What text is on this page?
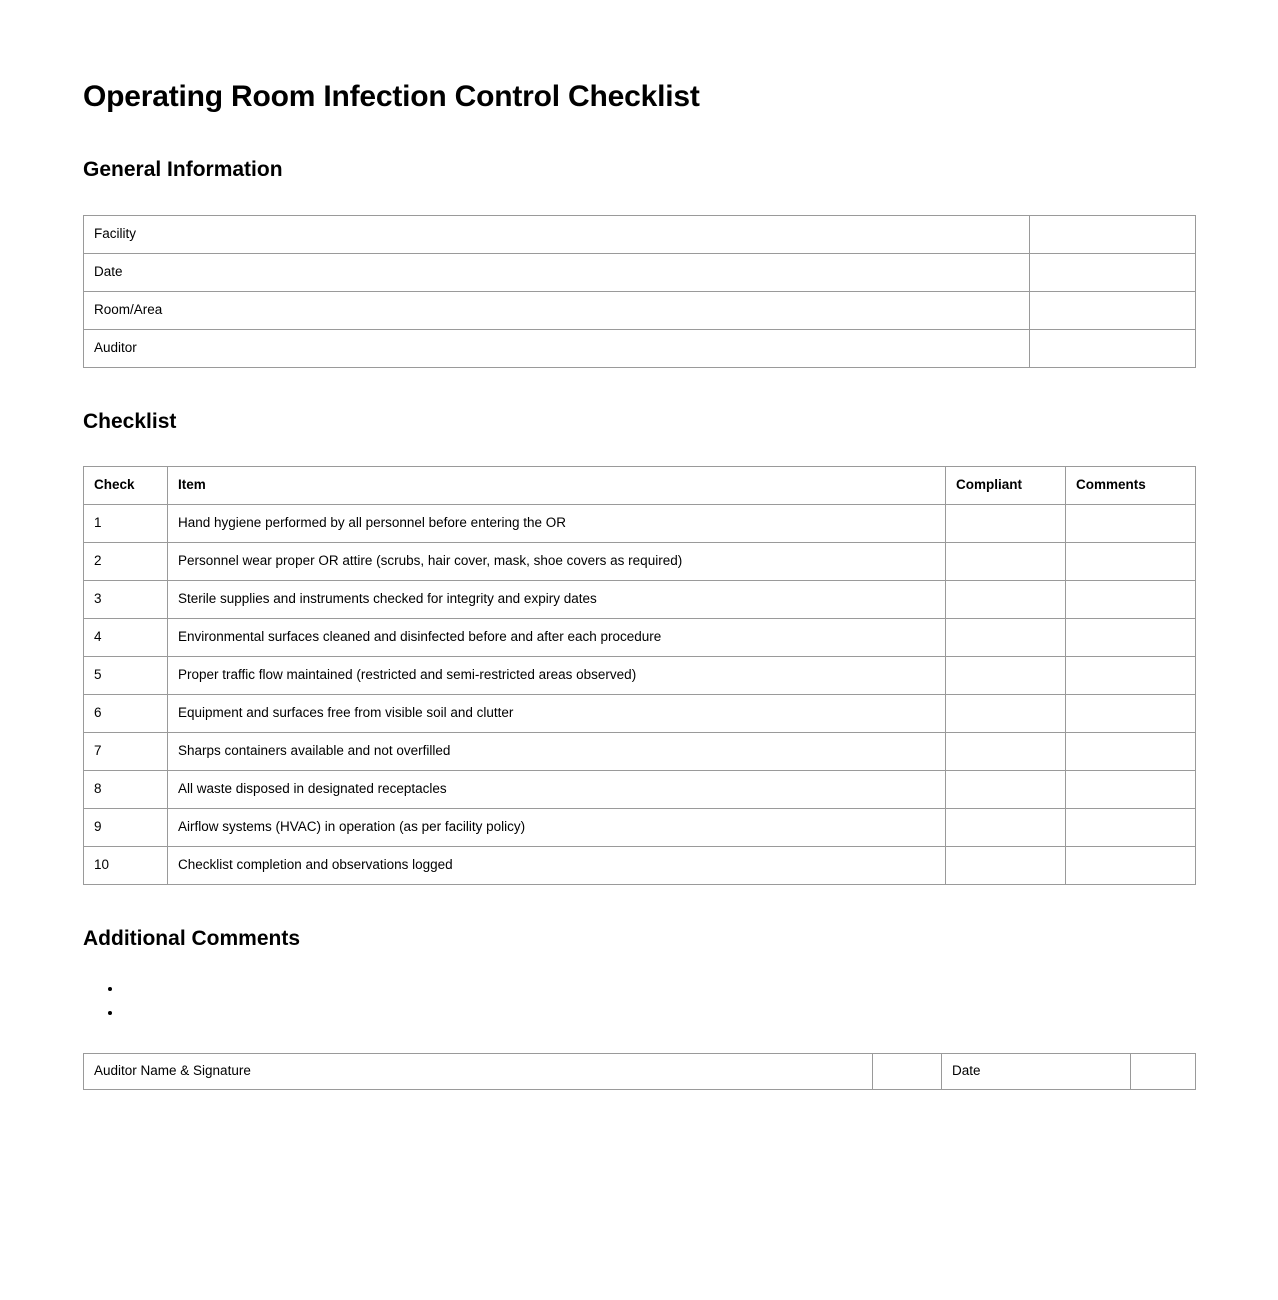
Operating Room Infection Control Checklist
General Information
Facility	
Date	
Room/Area	
Auditor	
Checklist
Check	Item	Compliant	Comments
1	Hand hygiene performed by all personnel before entering the OR		
2	Personnel wear proper OR attire (scrubs, hair cover, mask, shoe covers as required)		
3	Sterile supplies and instruments checked for integrity and expiry dates		
4	Environmental surfaces cleaned and disinfected before and after each procedure		
5	Proper traffic flow maintained (restricted and semi-restricted areas observed)		
6	Equipment and surfaces free from visible soil and clutter		
7	Sharps containers available and not overfilled		
8	All waste disposed in designated receptacles		
9	Airflow systems (HVAC) in operation (as per facility policy)		
10	Checklist completion and observations logged		
Additional Comments
•
•
Auditor Name & Signature		Date	
